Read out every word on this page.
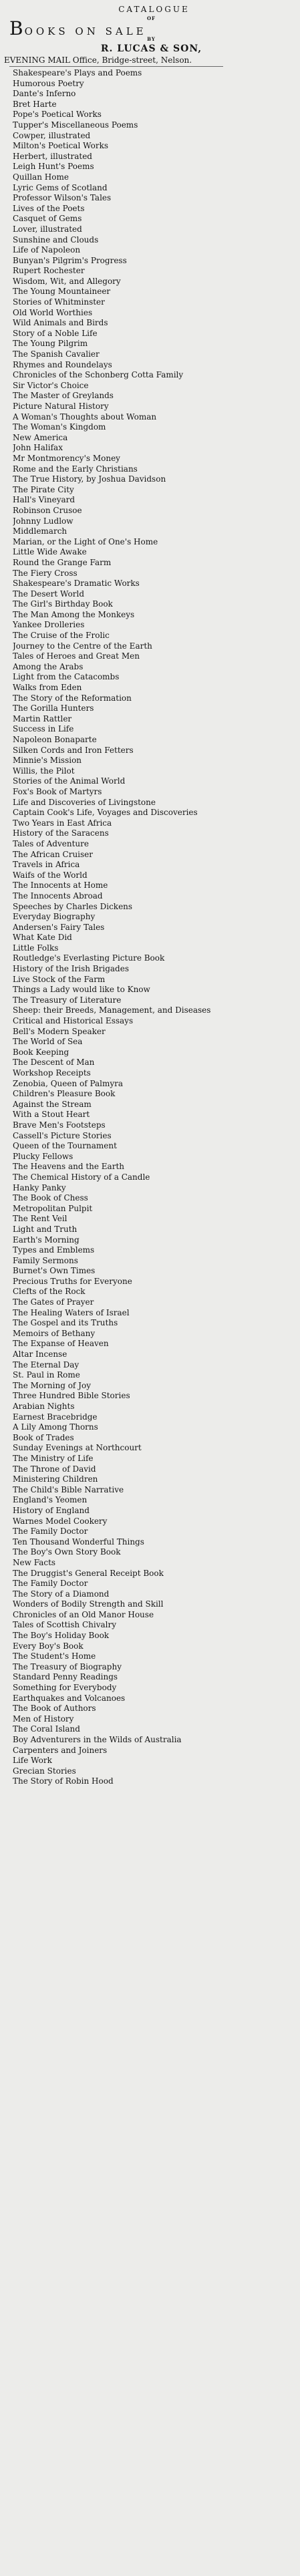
CATALOGUE
OF
BOOKS ON SALE
BY
R. LUCAS & SON,
EVENING MAIL Office, Bridge-street, Nelson.
Shakespeare's Plays and Poems
Humorous Poetry
Dante's Inferno
Bret Harte
Pope's Poetical Works
Tupper's Miscellaneous Poems
Cowper, illustrated
Milton's Poetical Works
Herbert, illustrated
Leigh Hunt's Poems
Quillan Home
Lyric Gems of Scotland
Professor Wilson's Tales
Lives of the Poets
Casquet of Gems
Lover, illustrated
Sunshine and Clouds
Life of Napoleon
Bunyan's Pilgrim's Progress
Rupert Rochester
Wisdom, Wit, and Allegory
The Young Mountaineer
Stories of Whitminster
Old World Worthies
Wild Animals and Birds
Story of a Noble Life
The Young Pilgrim
The Spanish Cavalier
Rhymes and Roundelays
Chronicles of the Schonberg Cotta Family
Sir Victor's Choice
The Master of Greylands
Picture Natural History
A Woman's Thoughts about Woman
The Woman's Kingdom
New America
John Halifax
Mr Montmorency's Money
Rome and the Early Christians
The True History, by Joshua Davidson
The Pirate City
Hall's Vineyard
Robinson Crusoe
Johnny Ludlow
Middlemarch
Marian, or the Light of One's Home
Little Wide Awake
Round the Grange Farm
The Fiery Cross
Shakespeare's Dramatic Works
The Desert World
The Girl's Birthday Book
The Man Among the Monkeys
Yankee Drolleries
The Cruise of the Frolic
Journey to the Centre of the Earth
Tales of Heroes and Great Men
Among the Arabs
Light from the Catacombs
Walks from Eden
The Story of the Reformation
The Gorilla Hunters
Martin Rattler
Success in Life
Napoleon Bonaparte
Silken Cords and Iron Fetters
Minnie's Mission
Willis, the Pilot
Stories of the Animal World
Fox's Book of Martyrs
Life and Discoveries of Livingstone
Captain Cook's Life, Voyages and Discoveries
Two Years in East Africa
History of the Saracens
Tales of Adventure
The African Cruiser
Travels in Africa
Waifs of the World
The Innocents at Home
The Innocents Abroad
Speeches by Charles Dickens
Everyday Biography
Andersen's Fairy Tales
What Kate Did
Little Folks
Routledge's Everlasting Picture Book
History of the Irish Brigades
Live Stock of the Farm
Things a Lady would like to Know
The Treasury of Literature
Sheep: their Breeds, Management, and Diseases
Critical and Historical Essays
Bell's Modern Speaker
The World of Sea
Book Keeping
The Descent of Man
Workshop Receipts
Zenobia, Queen of Palmyra
Children's Pleasure Book
Against the Stream
With a Stout Heart
Brave Men's Footsteps
Cassell's Picture Stories
Queen of the Tournament
Plucky Fellows
The Heavens and the Earth
The Chemical History of a Candle
Hanky Panky
The Book of Chess
Metropolitan Pulpit
The Rent Veil
Light and Truth
Earth's Morning
Types and Emblems
Family Sermons
Burnet's Own Times
Precious Truths for Everyone
Clefts of the Rock
The Gates of Prayer
The Healing Waters of Israel
The Gospel and its Truths
Memoirs of Bethany
The Expanse of Heaven
Altar Incense
The Eternal Day
St. Paul in Rome
The Morning of Joy
Three Hundred Bible Stories
Arabian Nights
Earnest Bracebridge
A Lily Among Thorns
Book of Trades
Sunday Evenings at Northcourt
The Ministry of Life
The Throne of David
Ministering Children
The Child's Bible Narrative
England's Yeomen
History of England
Warnes Model Cookery
The Family Doctor
Ten Thousand Wonderful Things
The Boy's Own Story Book
New Facts
The Druggist's General Receipt Book
The Family Doctor
The Story of a Diamond
Wonders of Bodily Strength and Skill
Chronicles of an Old Manor House
Tales of Scottish Chivalry
The Boy's Holiday Book
Every Boy's Book
The Student's Home
The Treasury of Biography
Standard Penny Readings
Something for Everybody
Earthquakes and Volcanoes
The Book of Authors
Men of History
The Coral Island
Boy Adventurers in the Wilds of Australia
Carpenters and Joiners
Life Work
Grecian Stories
The Story of Robin Hood
